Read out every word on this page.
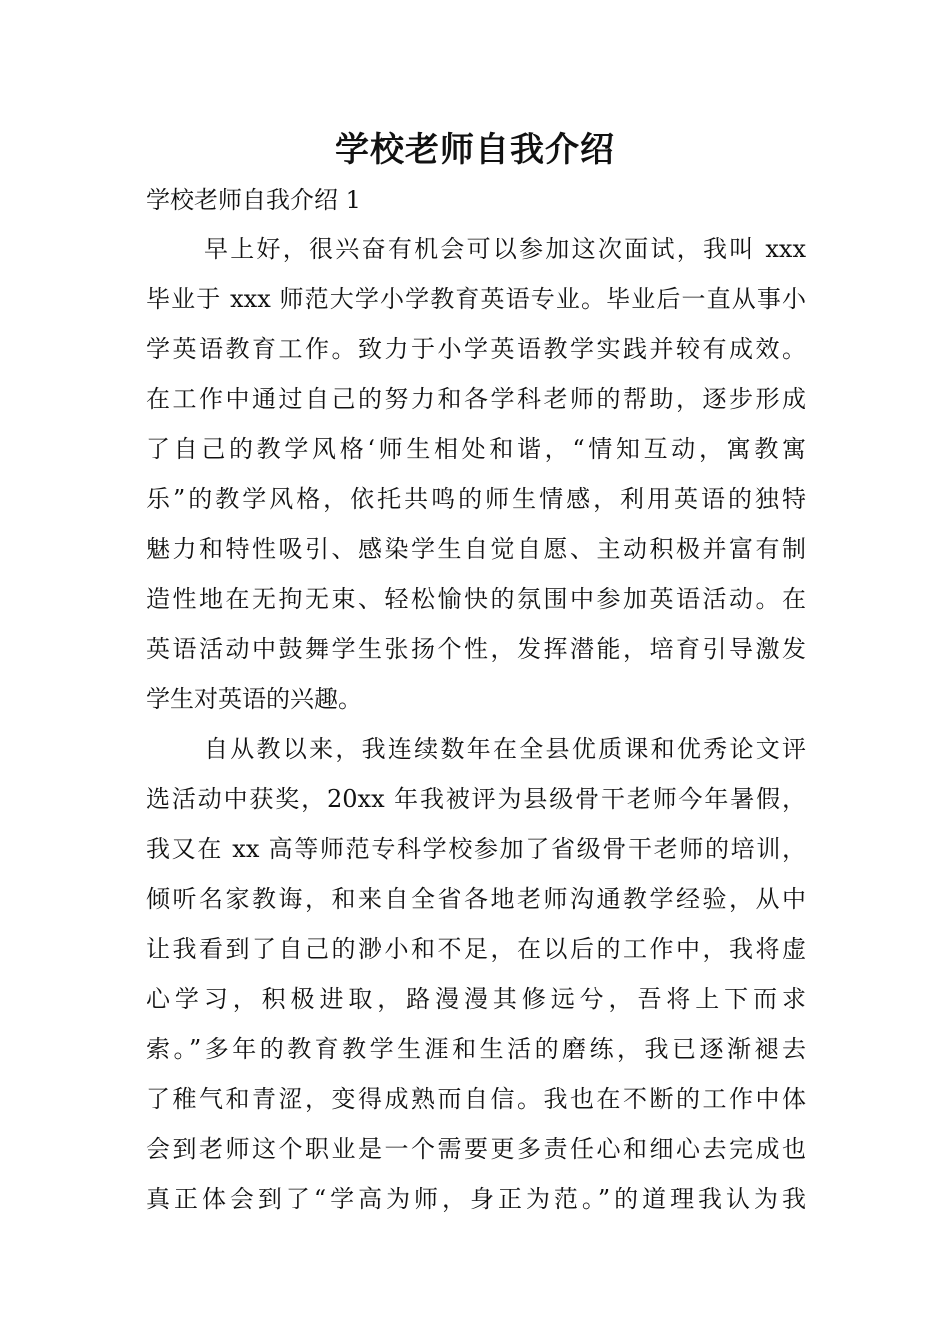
学校老师自我介绍
学校老师自我介绍 1
早上好，很兴奋有机会可以参加这次面试，我叫 xxx
毕业于 xxx 师范大学小学教育英语专业。毕业后一直从事小
学英语教育工作。致力于小学英语教学实践并较有成效。
在工作中通过自己的努力和各学科老师的帮助，逐步形成
了自己的教学风格‘师生相处和谐，“情知互动，寓教寓
乐”的教学风格，依托共鸣的师生情感，利用英语的独特
魅力和特性吸引、感染学生自觉自愿、主动积极并富有制
造性地在无拘无束、轻松愉快的氛围中参加英语活动。在
英语活动中鼓舞学生张扬个性，发挥潜能，培育引导激发
学生对英语的兴趣。
自从教以来，我连续数年在全县优质课和优秀论文评
选活动中获奖，20xx 年我被评为县级骨干老师今年暑假，
我又在 xx 高等师范专科学校参加了省级骨干老师的培训，
倾听名家教诲，和来自全省各地老师沟通教学经验，从中
让我看到了自己的渺小和不足，在以后的工作中，我将虚
心学习，积极进取，路漫漫其修远兮，吾将上下而求
索。”多年的教育教学生涯和生活的磨练，我已逐渐褪去
了稚气和青涩，变得成熟而自信。我也在不断的工作中体
会到老师这个职业是一个需要更多责任心和细心去完成也
真正体会到了“学高为师，身正为范。”的道理我认为我
